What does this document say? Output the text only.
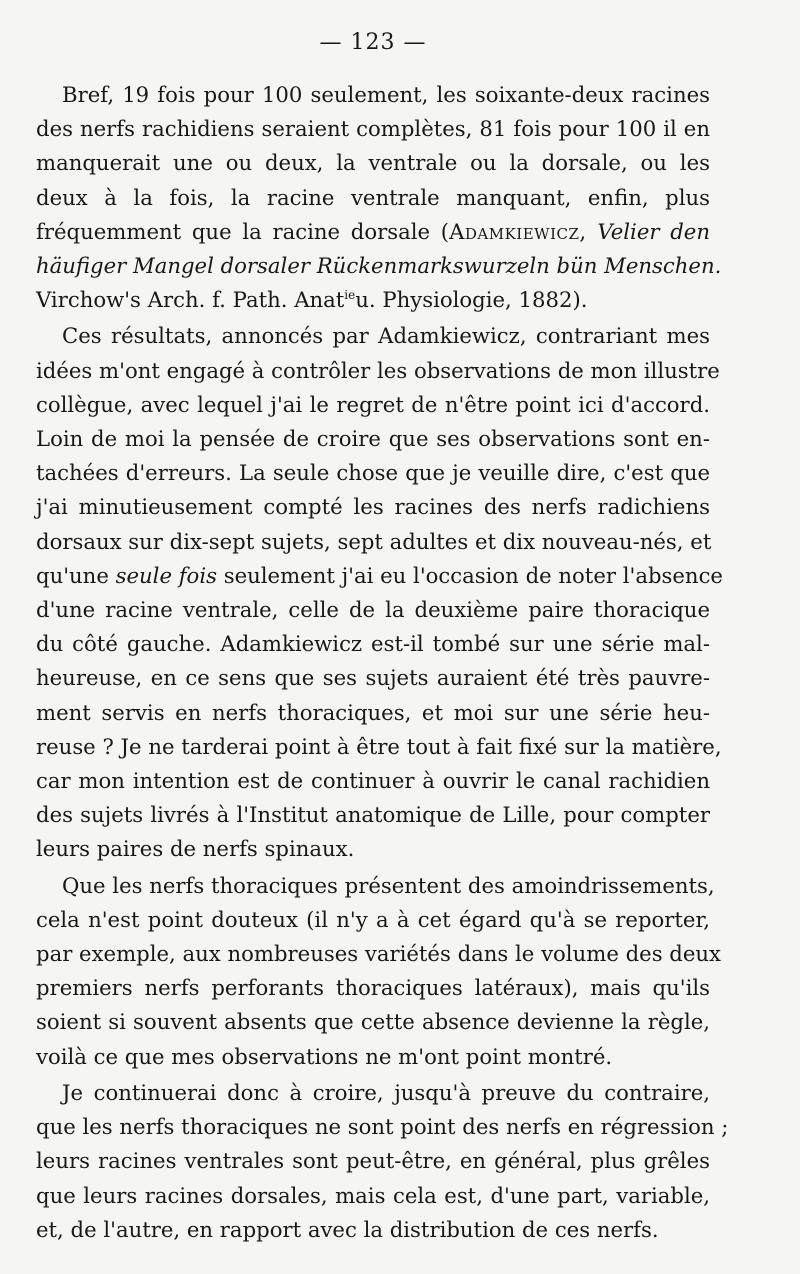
— 123 —
Bref, 19 fois pour 100 seulement, les soixante-deux racines
des nerfs rachidiens seraient complètes, 81 fois pour 100 il en
manquerait une ou deux, la ventrale ou la dorsale, ou les
deux à la fois, la racine ventrale manquant, enfin, plus
fréquemment que la racine dorsale (Adamkiewicz, Velier den
häufiger Mangel dorsaler Rückenmarkswurzeln bün Menschen.
Virchow's Arch. f. Path. Anat$^{ie}$u. Physiologie, 1882).
Ces résultats, annoncés par Adamkiewicz, contrariant mes
idées m'ont engagé à contrôler les observations de mon illustre
collègue, avec lequel j'ai le regret de n'être point ici d'accord.
Loin de moi la pensée de croire que ses observations sont en-
tachées d'erreurs. La seule chose que je veuille dire, c'est que
j'ai minutieusement compté les racines des nerfs radichiens
dorsaux sur dix-sept sujets, sept adultes et dix nouveau-nés, et
qu'une seule fois seulement j'ai eu l'occasion de noter l'absence
d'une racine ventrale, celle de la deuxième paire thoracique
du côté gauche. Adamkiewicz est-il tombé sur une série mal-
heureuse, en ce sens que ses sujets auraient été très pauvre-
ment servis en nerfs thoraciques, et moi sur une série heu-
reuse ? Je ne tarderai point à être tout à fait fixé sur la matière,
car mon intention est de continuer à ouvrir le canal rachidien
des sujets livrés à l'Institut anatomique de Lille, pour compter
leurs paires de nerfs spinaux.
Que les nerfs thoraciques présentent des amoindrissements,
cela n'est point douteux (il n'y a à cet égard qu'à se reporter,
par exemple, aux nombreuses variétés dans le volume des deux
premiers nerfs perforants thoraciques latéraux), mais qu'ils
soient si souvent absents que cette absence devienne la règle,
voilà ce que mes observations ne m'ont point montré.
Je continuerai donc à croire, jusqu'à preuve du contraire,
que les nerfs thoraciques ne sont point des nerfs en régression ;
leurs racines ventrales sont peut-être, en général, plus grêles
que leurs racines dorsales, mais cela est, d'une part, variable,
et, de l'autre, en rapport avec la distribution de ces nerfs.
